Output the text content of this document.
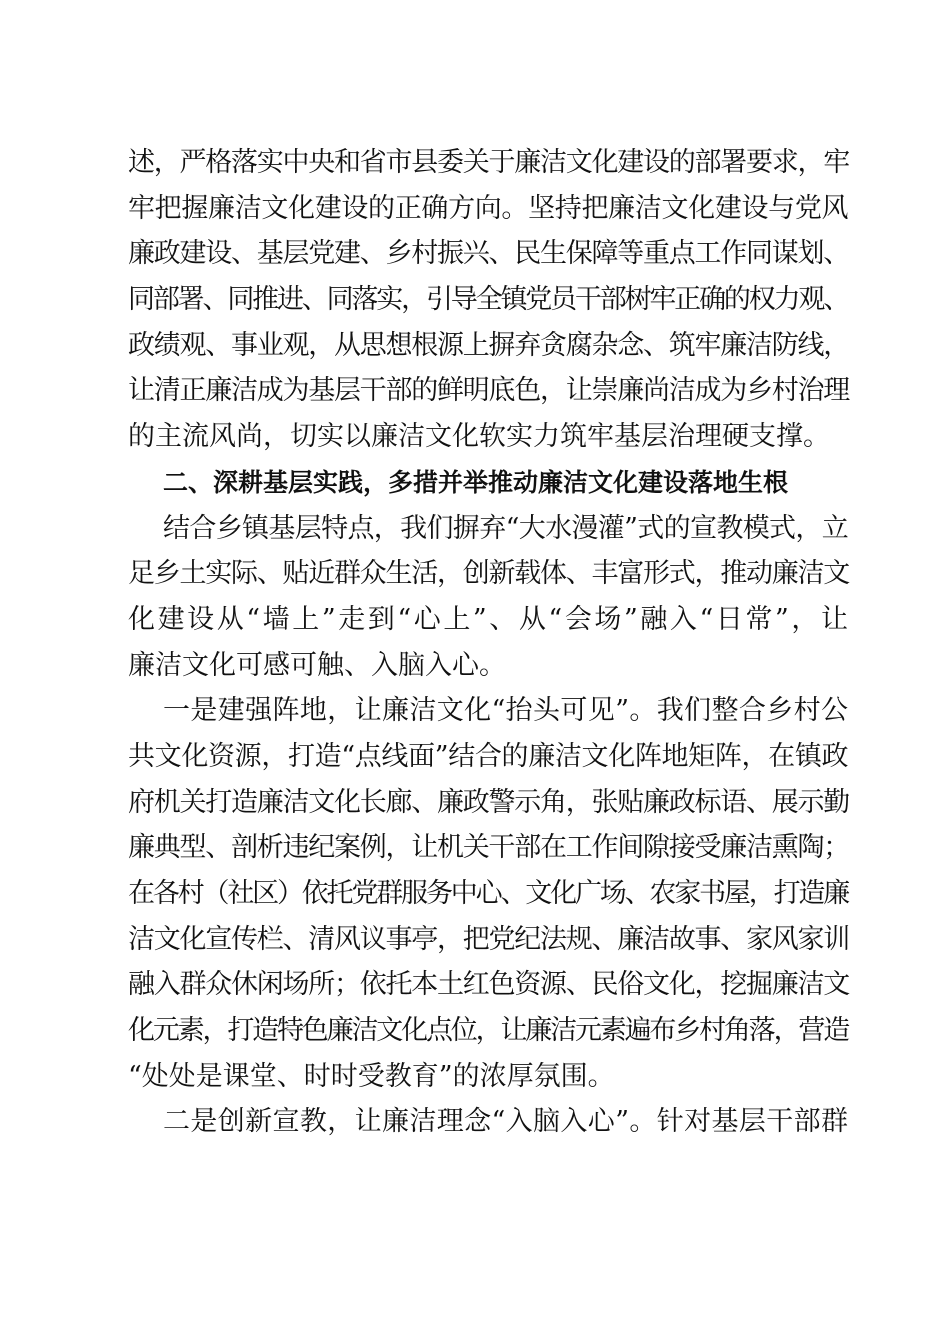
述，严格落实中央和省市县委关于廉洁文化建设的部署要求，牢
牢把握廉洁文化建设的正确方向。坚持把廉洁文化建设与党风
廉政建设、基层党建、乡村振兴、民生保障等重点工作同谋划、
同部署、同推进、同落实，引导全镇党员干部树牢正确的权力观、
政绩观、事业观，从思想根源上摒弃贪腐杂念、筑牢廉洁防线，
让清正廉洁成为基层干部的鲜明底色，让崇廉尚洁成为乡村治理
的主流风尚，切实以廉洁文化软实力筑牢基层治理硬支撑。
二、深耕基层实践，多措并举推动廉洁文化建设落地生根
结合乡镇基层特点，我们摒弃“大水漫灌”式的宣教模式，立
足乡土实际、贴近群众生活，创新载体、丰富形式，推动廉洁文
化建设从“墙上”走到“心上”、从“会场”融入“日常”，让
廉洁文化可感可触、入脑入心。
一是建强阵地，让廉洁文化“抬头可见”。我们整合乡村公
共文化资源，打造“点线面”结合的廉洁文化阵地矩阵，在镇政
府机关打造廉洁文化长廊、廉政警示角，张贴廉政标语、展示勤
廉典型、剖析违纪案例，让机关干部在工作间隙接受廉洁熏陶；
在各村（社区）依托党群服务中心、文化广场、农家书屋，打造廉
洁文化宣传栏、清风议事亭，把党纪法规、廉洁故事、家风家训
融入群众休闲场所；依托本土红色资源、民俗文化，挖掘廉洁文
化元素，打造特色廉洁文化点位，让廉洁元素遍布乡村角落，营造
“处处是课堂、时时受教育”的浓厚氛围。
二是创新宣教，让廉洁理念“入脑入心”。针对基层干部群
